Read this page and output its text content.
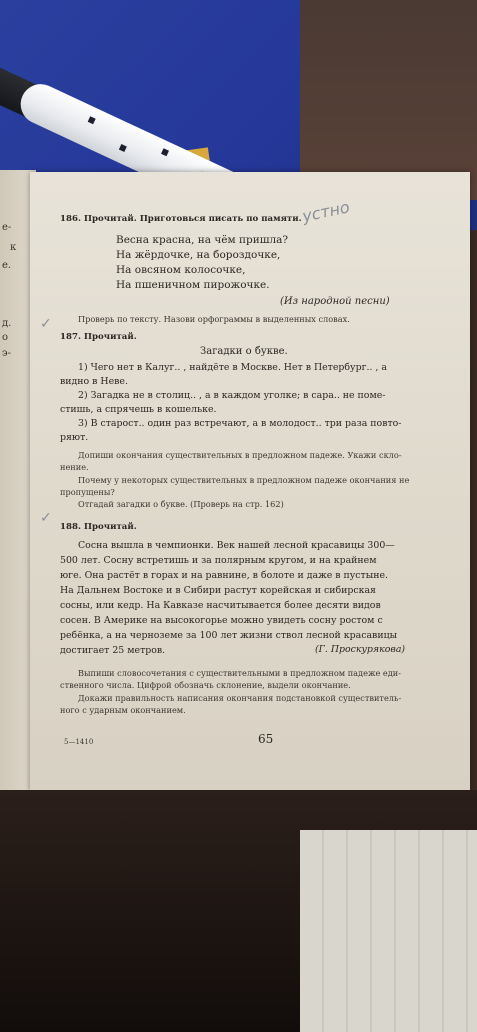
е-
к
е.
д.
о
э-
устно
✓
✓
186. Прочитай. Приготовься писать по памяти.
Весна красна, на чём пришла?
На жёрдочке, на бороздочке,
На овсяном колосочке,
На пшеничном пирожочке.
(Из народной песни)
Проверь по тексту. Назови орфограммы в выделенных словах.
187. Прочитай.
Загадки о букве.
1) Чего нет в Калуг.. , найдёте в Москве. Нет в Петербург.. , а
видно в Неве.
2) Загадка не в столиц.. , а в каждом уголке; в сара.. не поме-
стишь, а спрячешь в кошельке.
3) В старост.. один раз встречают, а в молодост.. три раза повто-
ряют.
Допиши окончания существительных в предложном падеже. Укажи скло-
нение.
Почему у некоторых существительных в предложном падеже окончания не
пропущены?
Отгадай загадки о букве. (Проверь на стр. 162)
188. Прочитай.
Сосна вышла в чемпионки. Век нашей лесной красавицы 300—
500 лет. Сосну встретишь и за полярным кругом, и на крайнем
юге. Она растёт в горах и на равнине, в болоте и даже в пустыне.
На Дальнем Востоке и в Сибири растут корейская и сибирская
сосны, или кедр. На Кавказе насчитывается более десяти видов
сосен. В Америке на высокогорье можно увидеть сосну ростом с
ребёнка, а на черноземе за 100 лет жизни ствол лесной красавицы
достигает 25 метров.	(Г. Проскурякова)
Выпиши словосочетания с существительными в предложном падеже еди-
ственного числа. Цифрой обозначь склонение, выдели окончание.
Докажи правильность написания окончания подстановкой существитель-
ного с ударным окончанием.
5—1410	65
